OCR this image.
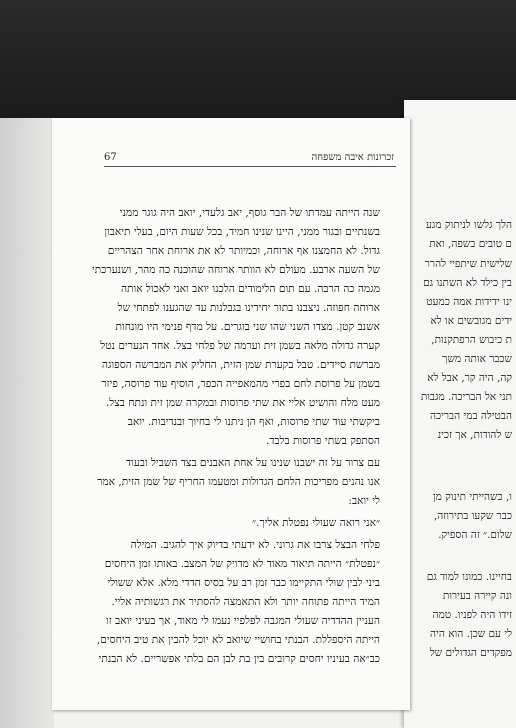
הלך גלשו לניתוק מגע
ם טובים בשפה, ואת
שלישית שיתפיי להרר
בין כילד לא השתנו גם
ינו ידידות אמה כמעט
ידים מגובשים או לא
ת כיבוש הרפתקנות,
שכבר אותה משך
קה, היה קר, אבל לא
תני אל הבריכה. מגבות
הבטילה במי הבריכה
ש להודות, אך זכינ
ו, כשהייתי תינוק מן
כבר שקעו בתירוזה,
שלום.״ זה הספיק.
בחיינו. כמונו למוד גם
ונה קיירה בעירות
זידו היה לפניו. טמה
לי עם שכן. הוא היה
מפקדים הגדולים של
67	זכרונות איבה משפחה
שנה הייתה עמדתו של הבר גוסף, יאב גלעדי, יואב היה גוגר ממני
בשנתיים ובגור ממני, היינו שנינו חמיד, בכל שעות היום, בעלי תיאבון
גדול. לא החמצנו אף ארוחה, וכמיותר לא את ארוחת אחר הצהריים
של השעה ארבע. מעולם לא הוותר ארוחה שהוכנה כה מהר, ושנערכתי
מגמה כה הרבה. עם תום הלימודים הלכנו יואב ואני לאכול אותה
ארוחה חפוזה. ניצבנו בתור יחידינו בגבלנות עד שהגענו לפתחי של
אשנב קטן. מצדו השני שהו שני בוגרים. על מדף פנימי היו מונחות
קערה גדולה מלאה בשמן זית וערמה של פלחי בצל. אחד הנערים נטל
מברשת סיידים. טבל בקערת שמן הזית, החליק את המברשה הספוגה
בשמן על פרוסת לחם בפרי מהמאפייה הכפר, הוסיף עוד פרוסה, פיזר
מעט מלח והושיט אליי את שתי פרוסות ובמקרה שמן זית ונתח בצל.
ביקשתי עוד שתי פרוסות, ואף הן ניתנו לי בחיוך ובנדיבות. יואב
הסתפק בשתי פרוסות בלבד.
עם צרור על זה ישבנו שנינו על אחת האבנים בצד השביל ובעוד
אנו נהנים מפריכות הלחם הגדולות ומטעמו החריף של שמן הזית, אמר
לי יואב:
״אני רואה שעולי נפטלת אליך.״
פלחי הבצל צרבו את גרוני. לא ידעתי בדיוק איך להגיב. המילה
״נפטלת״ הייתה תיאור מאוד לא מדויק של המצב. באותו זמן היחסים
ביני לבין שולי התקיימו כבר זמן רב על בסיס הדדי מלא. אלא ששולי
המיד הייתה פתוחה יותר ולא התאמצה להסתיר את רגשותיה אליי.
העניין ההדדיה שעולי המגבה לפלפיי נעמו לי מאוד, אך בעיני יואב זו
הייתה היספללת. הבנתי בחושיי שיואב לא יוכל להבין את טיב היחסים,
כב״אה בעיניו יחסים קרובים בין בת לבן הם בלתי אפשריים. לא הבנתי
